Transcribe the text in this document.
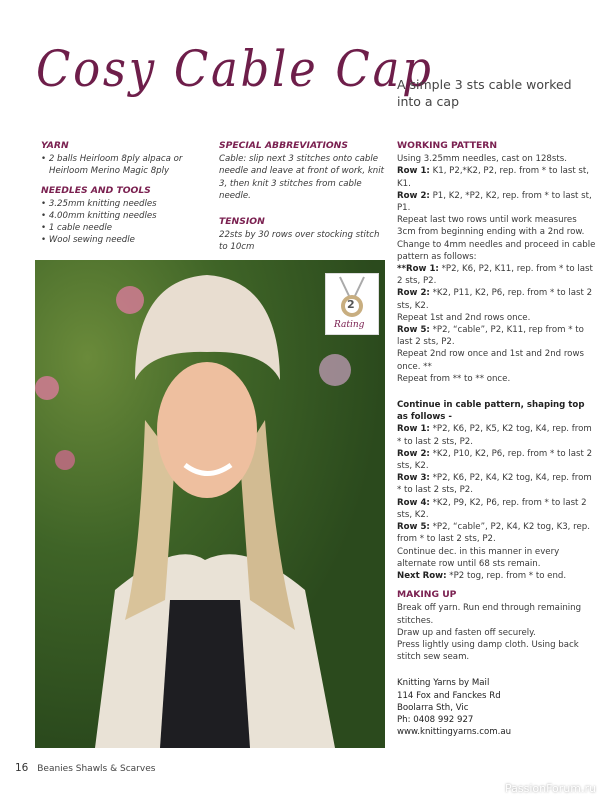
Cosy Cable Cap
A simple 3 sts cable worked into a cap
YARN
• 2 balls Heirloom 8ply alpaca or Heirloom Merino Magic 8ply
NEEDLES AND TOOLS
• 3.25mm knitting needles
• 4.00mm knitting needles
• 1 cable needle
• Wool sewing needle
SPECIAL ABBREVIATIONS
Cable: slip next 3 stitches onto cable needle and leave at front of work, knit 3, then knit 3 stitches from cable needle.
TENSION
22sts by 30 rows over stocking stitch to 10cm
2
Rating
WORKING PATTERN
Using 3.25mm needles, cast on 128sts.
Row 1: K1, P2,*K2, P2, rep. from * to last st, K1.
Row 2: P1, K2, *P2, K2, rep. from * to last st, P1.
Repeat last two rows until work measures 3cm from beginning ending with a 2nd row.
Change to 4mm needles and proceed in cable pattern as follows:
**Row 1: *P2, K6, P2, K11, rep. from * to last 2 sts, P2.
Row 2: *K2, P11, K2, P6, rep. from * to last 2 sts, K2.
Repeat 1st and 2nd rows once.
Row 5: *P2, “cable”, P2, K11, rep from * to last 2 sts, P2.
Repeat 2nd row once and 1st and 2nd rows once. **
Repeat from ** to ** once.
Continue in cable pattern, shaping top as follows -
Row 1: *P2, K6, P2, K5, K2 tog, K4, rep. from * to last 2 sts, P2.
Row 2: *K2, P10, K2, P6, rep. from * to last 2 sts, K2.
Row 3: *P2, K6, P2, K4, K2 tog, K4, rep. from * to last 2 sts, P2.
Row 4: *K2, P9, K2, P6, rep. from * to last 2 sts, K2.
Row 5: *P2, “cable”, P2, K4, K2 tog, K3, rep. from * to last 2 sts, P2.
Continue dec. in this manner in every alternate row until 68 sts remain.
Next Row: *P2 tog, rep. from * to end.
MAKING UP
Break off yarn. Run end through remaining stitches.
Draw up and fasten off securely.
Press lightly using damp cloth. Using back stitch sew seam.
Knitting Yarns by Mail
114 Fox and Fanckes Rd
Boolarra Sth, Vic
Ph: 0408 992 927
www.knittingyarns.com.au
16 Beanies Shawls & Scarves
PassionForum.ru
